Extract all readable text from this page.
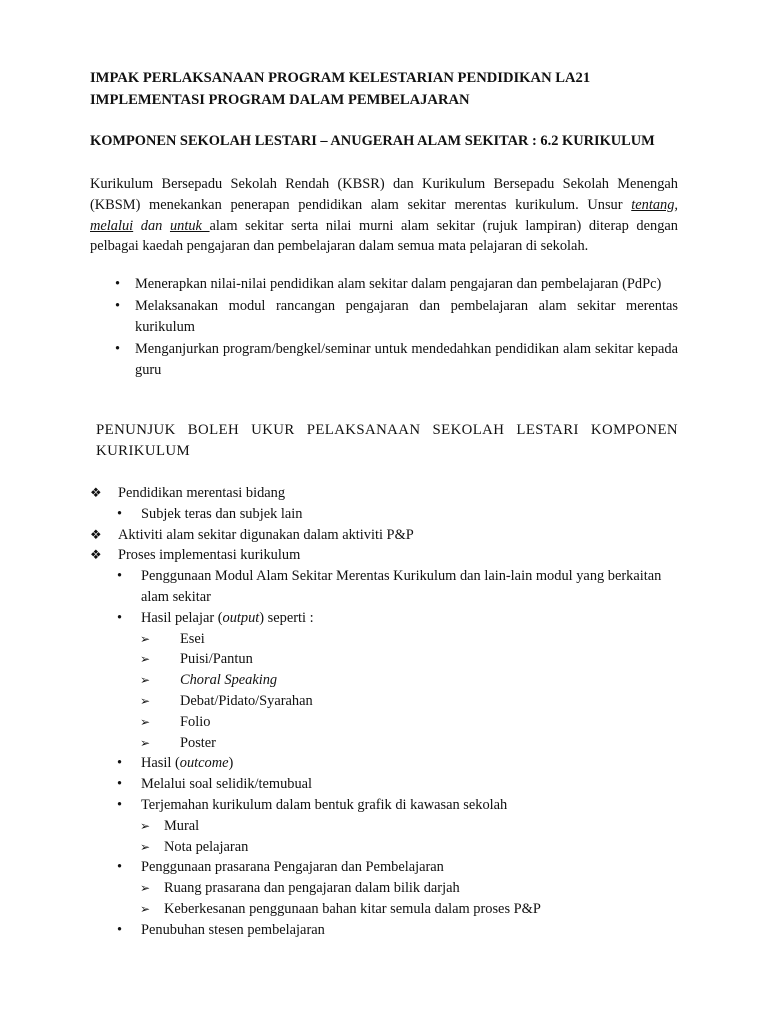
IMPAK PERLAKSANAAN PROGRAM KELESTARIAN PENDIDIKAN LA21
IMPLEMENTASI PROGRAM DALAM PEMBELAJARAN
KOMPONEN SEKOLAH LESTARI – ANUGERAH ALAM SEKITAR : 6.2 KURIKULUM

Kurikulum Bersepadu Sekolah Rendah (KBSR) dan Kurikulum Bersepadu Sekolah Menengah (KBSM) menekankan penerapan pendidikan alam sekitar merentas kurikulum. Unsur tentang, melalui dan untuk alam sekitar serta nilai murni alam sekitar (rujuk lampiran) diterap dengan pelbagai kaedah pengajaran dan pembelajaran dalam semua mata pelajaran di sekolah.

• Menerapkan nilai-nilai pendidikan alam sekitar dalam pengajaran dan pembelajaran (PdPc)
• Melaksanakan modul rancangan pengajaran dan pembelajaran alam sekitar merentas kurikulum
• Menganjurkan program/bengkel/seminar untuk mendedahkan pendidikan alam sekitar kepada guru

PENUNJUK BOLEH UKUR PELAKSANAAN SEKOLAH LESTARI KOMPONEN KURIKULUM

❖ Pendidikan merentasi bidang
• Subjek teras dan subjek lain
❖ Aktiviti alam sekitar digunakan dalam aktiviti P&P
❖ Proses implementasi kurikulum
• Penggunaan Modul Alam Sekitar Merentas Kurikulum dan lain-lain modul yang berkaitan alam sekitar
• Hasil pelajar (output) seperti :
➢ Esei
➢ Puisi/Pantun
➢ Choral Speaking
➢ Debat/Pidato/Syarahan
➢ Folio
➢ Poster
• Hasil (outcome)
• Melalui soal selidik/temubual
• Terjemahan kurikulum dalam bentuk grafik di kawasan sekolah
➢ Mural
➢ Nota pelajaran
• Penggunaan prasarana Pengajaran dan Pembelajaran
➢ Ruang prasarana dan pengajaran dalam bilik darjah
➢ Keberkesanan penggunaan bahan kitar semula dalam proses P&P
• Penubuhan stesen pembelajaran
